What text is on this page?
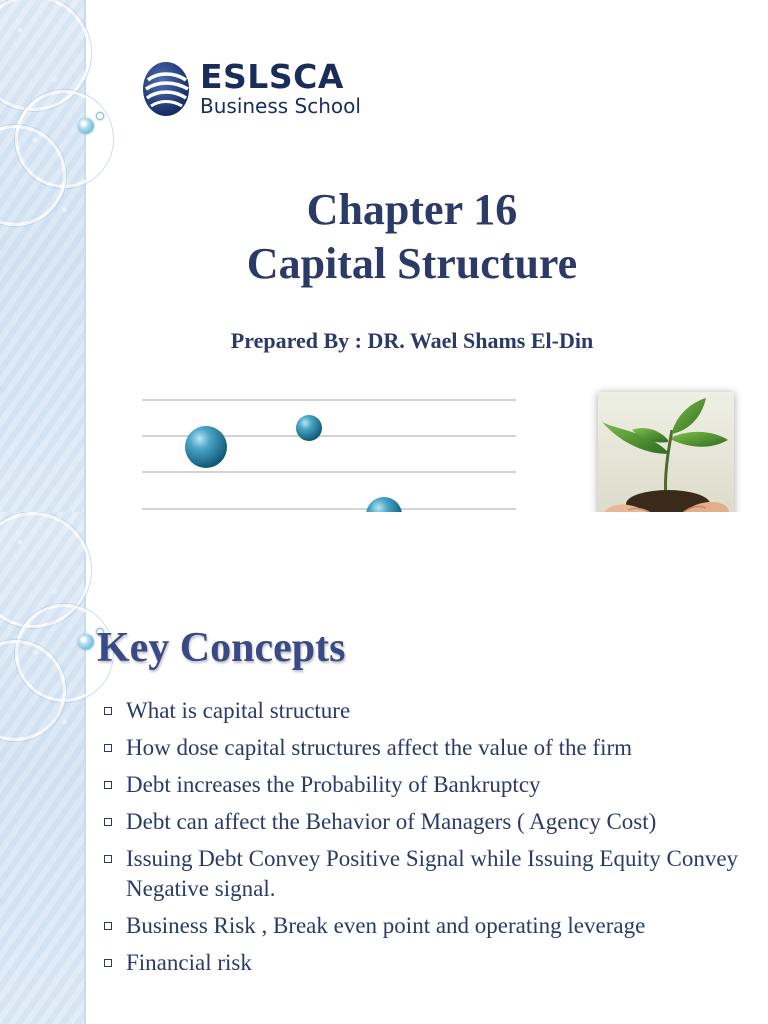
ESLSCA
Business School
Chapter 16
Capital Structure
Prepared By : DR. Wael Shams El-Din
Key Concepts
What is capital structure
How dose capital structures affect the value of the firm
Debt increases the Probability of Bankruptcy
Debt can affect the Behavior of Managers ( Agency Cost)
Issuing Debt Convey Positive Signal while Issuing Equity Convey Negative signal.
Business Risk , Break even point and operating leverage
Financial risk
